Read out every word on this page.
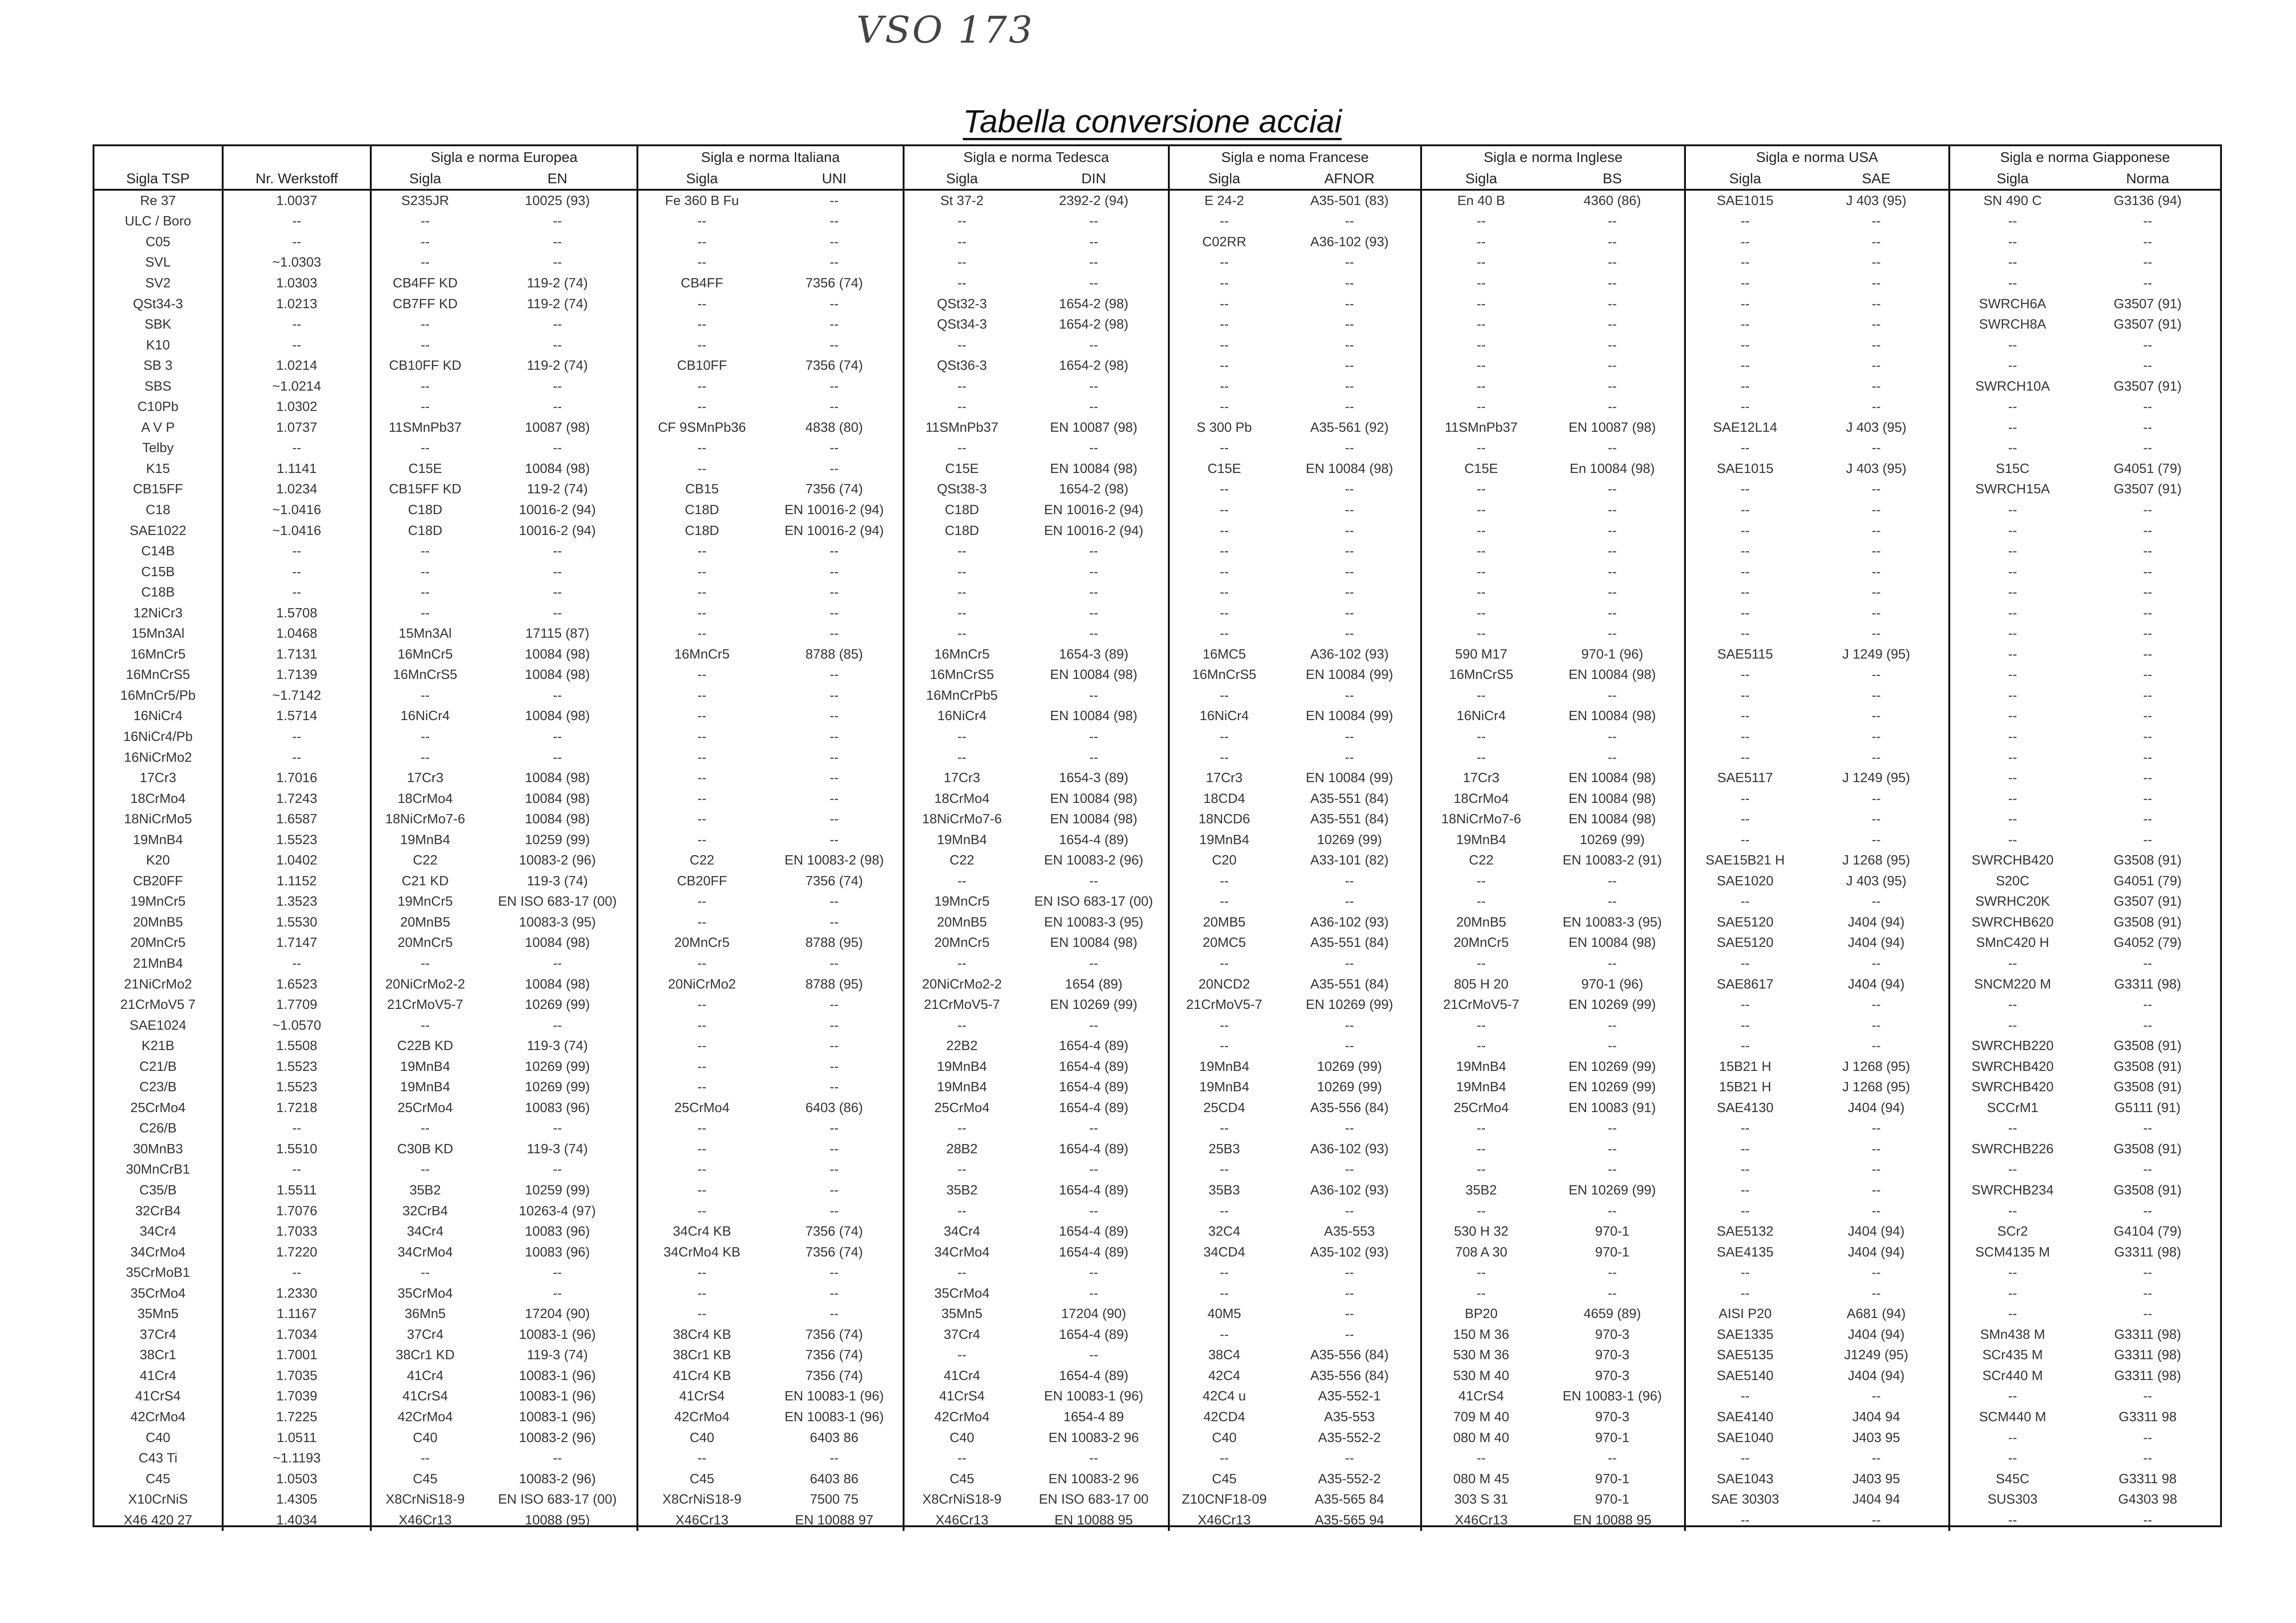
VSO 173
Tabella conversione acciai
		Sigla e norma Europea		Sigla e norma Italiana		Sigla e norma Tedesca		Sigla e noma Francese		Sigla e norma Inglese		Sigla e norma USA		Sigla e norma Giapponese	
Sigla TSP	Nr. Werkstoff	Sigla	EN	Sigla	UNI	Sigla	DIN	Sigla	AFNOR	Sigla	BS	Sigla	SAE	Sigla	Norma
Re 37	1.0037	S235JR	10025 (93)	Fe 360 B Fu	--	St 37-2	2392-2 (94)	E 24-2	A35-501 (83)	En 40 B	4360 (86)	SAE1015	J 403 (95)	SN 490 C	G3136 (94)
ULC / Boro	--	--	--	--	--	--	--	--	--	--	--	--	--	--	--
C05	--	--	--	--	--	--	--	C02RR	A36-102 (93)	--	--	--	--	--	--
SVL	~1.0303	--	--	--	--	--	--	--	--	--	--	--	--	--	--
SV2	1.0303	CB4FF KD	119-2 (74)	CB4FF	7356 (74)	--	--	--	--	--	--	--	--	--	--
QSt34-3	1.0213	CB7FF KD	119-2 (74)	--	--	QSt32-3	1654-2 (98)	--	--	--	--	--	--	SWRCH6A	G3507 (91)
SBK	--	--	--	--	--	QSt34-3	1654-2 (98)	--	--	--	--	--	--	SWRCH8A	G3507 (91)
K10	--	--	--	--	--	--	--	--	--	--	--	--	--	--	--
SB 3	1.0214	CB10FF KD	119-2 (74)	CB10FF	7356 (74)	QSt36-3	1654-2 (98)	--	--	--	--	--	--	--	--
SBS	~1.0214	--	--	--	--	--	--	--	--	--	--	--	--	SWRCH10A	G3507 (91)
C10Pb	1.0302	--	--	--	--	--	--	--	--	--	--	--	--	--	--
A V P	1.0737	11SMnPb37	10087 (98)	CF 9SMnPb36	4838 (80)	11SMnPb37	EN 10087 (98)	S 300 Pb	A35-561 (92)	11SMnPb37	EN 10087 (98)	SAE12L14	J 403 (95)	--	--
Telby	--	--	--	--	--	--	--	--	--	--	--	--	--	--	--
K15	1.1141	C15E	10084 (98)	--	--	C15E	EN 10084 (98)	C15E	EN 10084 (98)	C15E	En 10084 (98)	SAE1015	J 403 (95)	S15C	G4051 (79)
CB15FF	1.0234	CB15FF KD	119-2 (74)	CB15	7356 (74)	QSt38-3	1654-2 (98)	--	--	--	--	--	--	SWRCH15A	G3507 (91)
C18	~1.0416	C18D	10016-2 (94)	C18D	EN 10016-2 (94)	C18D	EN 10016-2 (94)	--	--	--	--	--	--	--	--
SAE1022	~1.0416	C18D	10016-2 (94)	C18D	EN 10016-2 (94)	C18D	EN 10016-2 (94)	--	--	--	--	--	--	--	--
C14B	--	--	--	--	--	--	--	--	--	--	--	--	--	--	--
C15B	--	--	--	--	--	--	--	--	--	--	--	--	--	--	--
C18B	--	--	--	--	--	--	--	--	--	--	--	--	--	--	--
12NiCr3	1.5708	--	--	--	--	--	--	--	--	--	--	--	--	--	--
15Mn3Al	1.0468	15Mn3Al	17115 (87)	--	--	--	--	--	--	--	--	--	--	--	--
16MnCr5	1.7131	16MnCr5	10084 (98)	16MnCr5	8788 (85)	16MnCr5	1654-3 (89)	16MC5	A36-102 (93)	590 M17	970-1 (96)	SAE5115	J 1249 (95)	--	--
16MnCrS5	1.7139	16MnCrS5	10084 (98)	--	--	16MnCrS5	EN 10084 (98)	16MnCrS5	EN 10084 (99)	16MnCrS5	EN 10084 (98)	--	--	--	--
16MnCr5/Pb	~1.7142	--	--	--	--	16MnCrPb5	--	--	--	--	--	--	--	--	--
16NiCr4	1.5714	16NiCr4	10084 (98)	--	--	16NiCr4	EN 10084 (98)	16NiCr4	EN 10084 (99)	16NiCr4	EN 10084 (98)	--	--	--	--
16NiCr4/Pb	--	--	--	--	--	--	--	--	--	--	--	--	--	--	--
16NiCrMo2	--	--	--	--	--	--	--	--	--	--	--	--	--	--	--
17Cr3	1.7016	17Cr3	10084 (98)	--	--	17Cr3	1654-3 (89)	17Cr3	EN 10084 (99)	17Cr3	EN 10084 (98)	SAE5117	J 1249 (95)	--	--
18CrMo4	1.7243	18CrMo4	10084 (98)	--	--	18CrMo4	EN 10084 (98)	18CD4	A35-551 (84)	18CrMo4	EN 10084 (98)	--	--	--	--
18NiCrMo5	1.6587	18NiCrMo7-6	10084 (98)	--	--	18NiCrMo7-6	EN 10084 (98)	18NCD6	A35-551 (84)	18NiCrMo7-6	EN 10084 (98)	--	--	--	--
19MnB4	1.5523	19MnB4	10259 (99)	--	--	19MnB4	1654-4 (89)	19MnB4	10269 (99)	19MnB4	10269 (99)	--	--	--	--
K20	1.0402	C22	10083-2 (96)	C22	EN 10083-2 (98)	C22	EN 10083-2 (96)	C20	A33-101 (82)	C22	EN 10083-2 (91)	SAE15B21 H	J 1268 (95)	SWRCHB420	G3508 (91)
CB20FF	1.1152	C21 KD	119-3 (74)	CB20FF	7356 (74)	--	--	--	--	--	--	SAE1020	J 403 (95)	S20C	G4051 (79)
19MnCr5	1.3523	19MnCr5	EN ISO 683-17 (00)	--	--	19MnCr5	EN ISO 683-17 (00)	--	--	--	--	--	--	SWRHC20K	G3507 (91)
20MnB5	1.5530	20MnB5	10083-3 (95)	--	--	20MnB5	EN 10083-3 (95)	20MB5	A36-102 (93)	20MnB5	EN 10083-3 (95)	SAE5120	J404 (94)	SWRCHB620	G3508 (91)
20MnCr5	1.7147	20MnCr5	10084 (98)	20MnCr5	8788 (95)	20MnCr5	EN 10084 (98)	20MC5	A35-551 (84)	20MnCr5	EN 10084 (98)	SAE5120	J404 (94)	SMnC420 H	G4052 (79)
21MnB4	--	--	--	--	--	--	--	--	--	--	--	--	--	--	--
21NiCrMo2	1.6523	20NiCrMo2-2	10084 (98)	20NiCrMo2	8788 (95)	20NiCrMo2-2	1654 (89)	20NCD2	A35-551 (84)	805 H 20	970-1 (96)	SAE8617	J404 (94)	SNCM220 M	G3311 (98)
21CrMoV5 7	1.7709	21CrMoV5-7	10269 (99)	--	--	21CrMoV5-7	EN 10269 (99)	21CrMoV5-7	EN 10269 (99)	21CrMoV5-7	EN 10269 (99)	--	--	--	--
SAE1024	~1.0570	--	--	--	--	--	--	--	--	--	--	--	--	--	--
K21B	1.5508	C22B KD	119-3 (74)	--	--	22B2	1654-4 (89)	--	--	--	--	--	--	SWRCHB220	G3508 (91)
C21/B	1.5523	19MnB4	10269 (99)	--	--	19MnB4	1654-4 (89)	19MnB4	10269 (99)	19MnB4	EN 10269 (99)	15B21 H	J 1268 (95)	SWRCHB420	G3508 (91)
C23/B	1.5523	19MnB4	10269 (99)	--	--	19MnB4	1654-4 (89)	19MnB4	10269 (99)	19MnB4	EN 10269 (99)	15B21 H	J 1268 (95)	SWRCHB420	G3508 (91)
25CrMo4	1.7218	25CrMo4	10083 (96)	25CrMo4	6403 (86)	25CrMo4	1654-4 (89)	25CD4	A35-556 (84)	25CrMo4	EN 10083 (91)	SAE4130	J404 (94)	SCCrM1	G5111 (91)
C26/B	--	--	--	--	--	--	--	--	--	--	--	--	--	--	--
30MnB3	1.5510	C30B KD	119-3 (74)	--	--	28B2	1654-4 (89)	25B3	A36-102 (93)	--	--	--	--	SWRCHB226	G3508 (91)
30MnCrB1	--	--	--	--	--	--	--	--	--	--	--	--	--	--	--
C35/B	1.5511	35B2	10259 (99)	--	--	35B2	1654-4 (89)	35B3	A36-102 (93)	35B2	EN 10269 (99)	--	--	SWRCHB234	G3508 (91)
32CrB4	1.7076	32CrB4	10263-4 (97)	--	--	--	--	--	--	--	--	--	--	--	--
34Cr4	1.7033	34Cr4	10083 (96)	34Cr4 KB	7356 (74)	34Cr4	1654-4 (89)	32C4	A35-553	530 H 32	970-1	SAE5132	J404 (94)	SCr2	G4104 (79)
34CrMo4	1.7220	34CrMo4	10083 (96)	34CrMo4 KB	7356 (74)	34CrMo4	1654-4 (89)	34CD4	A35-102 (93)	708 A 30	970-1	SAE4135	J404 (94)	SCM4135 M	G3311 (98)
35CrMoB1	--	--	--	--	--	--	--	--	--	--	--	--	--	--	--
35CrMo4	1.2330	35CrMo4	--	--	--	35CrMo4	--	--	--	--	--	--	--	--	--
35Mn5	1.1167	36Mn5	17204 (90)	--	--	35Mn5	17204 (90)	40M5	--	BP20	4659 (89)	AISI P20	A681 (94)	--	--
37Cr4	1.7034	37Cr4	10083-1 (96)	38Cr4 KB	7356 (74)	37Cr4	1654-4 (89)	--	--	150 M 36	970-3	SAE1335	J404 (94)	SMn438 M	G3311 (98)
38Cr1	1.7001	38Cr1 KD	119-3 (74)	38Cr1 KB	7356 (74)	--	--	38C4	A35-556 (84)	530 M 36	970-3	SAE5135	J1249 (95)	SCr435 M	G3311 (98)
41Cr4	1.7035	41Cr4	10083-1 (96)	41Cr4 KB	7356 (74)	41Cr4	1654-4 (89)	42C4	A35-556 (84)	530 M 40	970-3	SAE5140	J404 (94)	SCr440 M	G3311 (98)
41CrS4	1.7039	41CrS4	10083-1 (96)	41CrS4	EN 10083-1 (96)	41CrS4	EN 10083-1 (96)	42C4 u	A35-552-1	41CrS4	EN 10083-1 (96)	--	--	--	--
42CrMo4	1.7225	42CrMo4	10083-1 (96)	42CrMo4	EN 10083-1 (96)	42CrMo4	1654-4 89	42CD4	A35-553	709 M 40	970-3	SAE4140	J404 94	SCM440 M	G3311 98
C40	1.0511	C40	10083-2 (96)	C40	6403 86	C40	EN 10083-2 96	C40	A35-552-2	080 M 40	970-1	SAE1040	J403 95	--	--
C43 Ti	~1.1193	--	--	--	--	--	--	--	--	--	--	--	--	--	--
C45	1.0503	C45	10083-2 (96)	C45	6403 86	C45	EN 10083-2 96	C45	A35-552-2	080 M 45	970-1	SAE1043	J403 95	S45C	G3311 98
X10CrNiS	1.4305	X8CrNiS18-9	EN ISO 683-17 (00)	X8CrNiS18-9	7500 75	X8CrNiS18-9	EN ISO 683-17 00	Z10CNF18-09	A35-565 84	303 S 31	970-1	SAE 30303	J404 94	SUS303	G4303 98
X46 420 27	1.4034	X46Cr13	10088 (95)	X46Cr13	EN 10088 97	X46Cr13	EN 10088 95	X46Cr13	A35-565 94	X46Cr13	EN 10088 95	--	--	--	--
